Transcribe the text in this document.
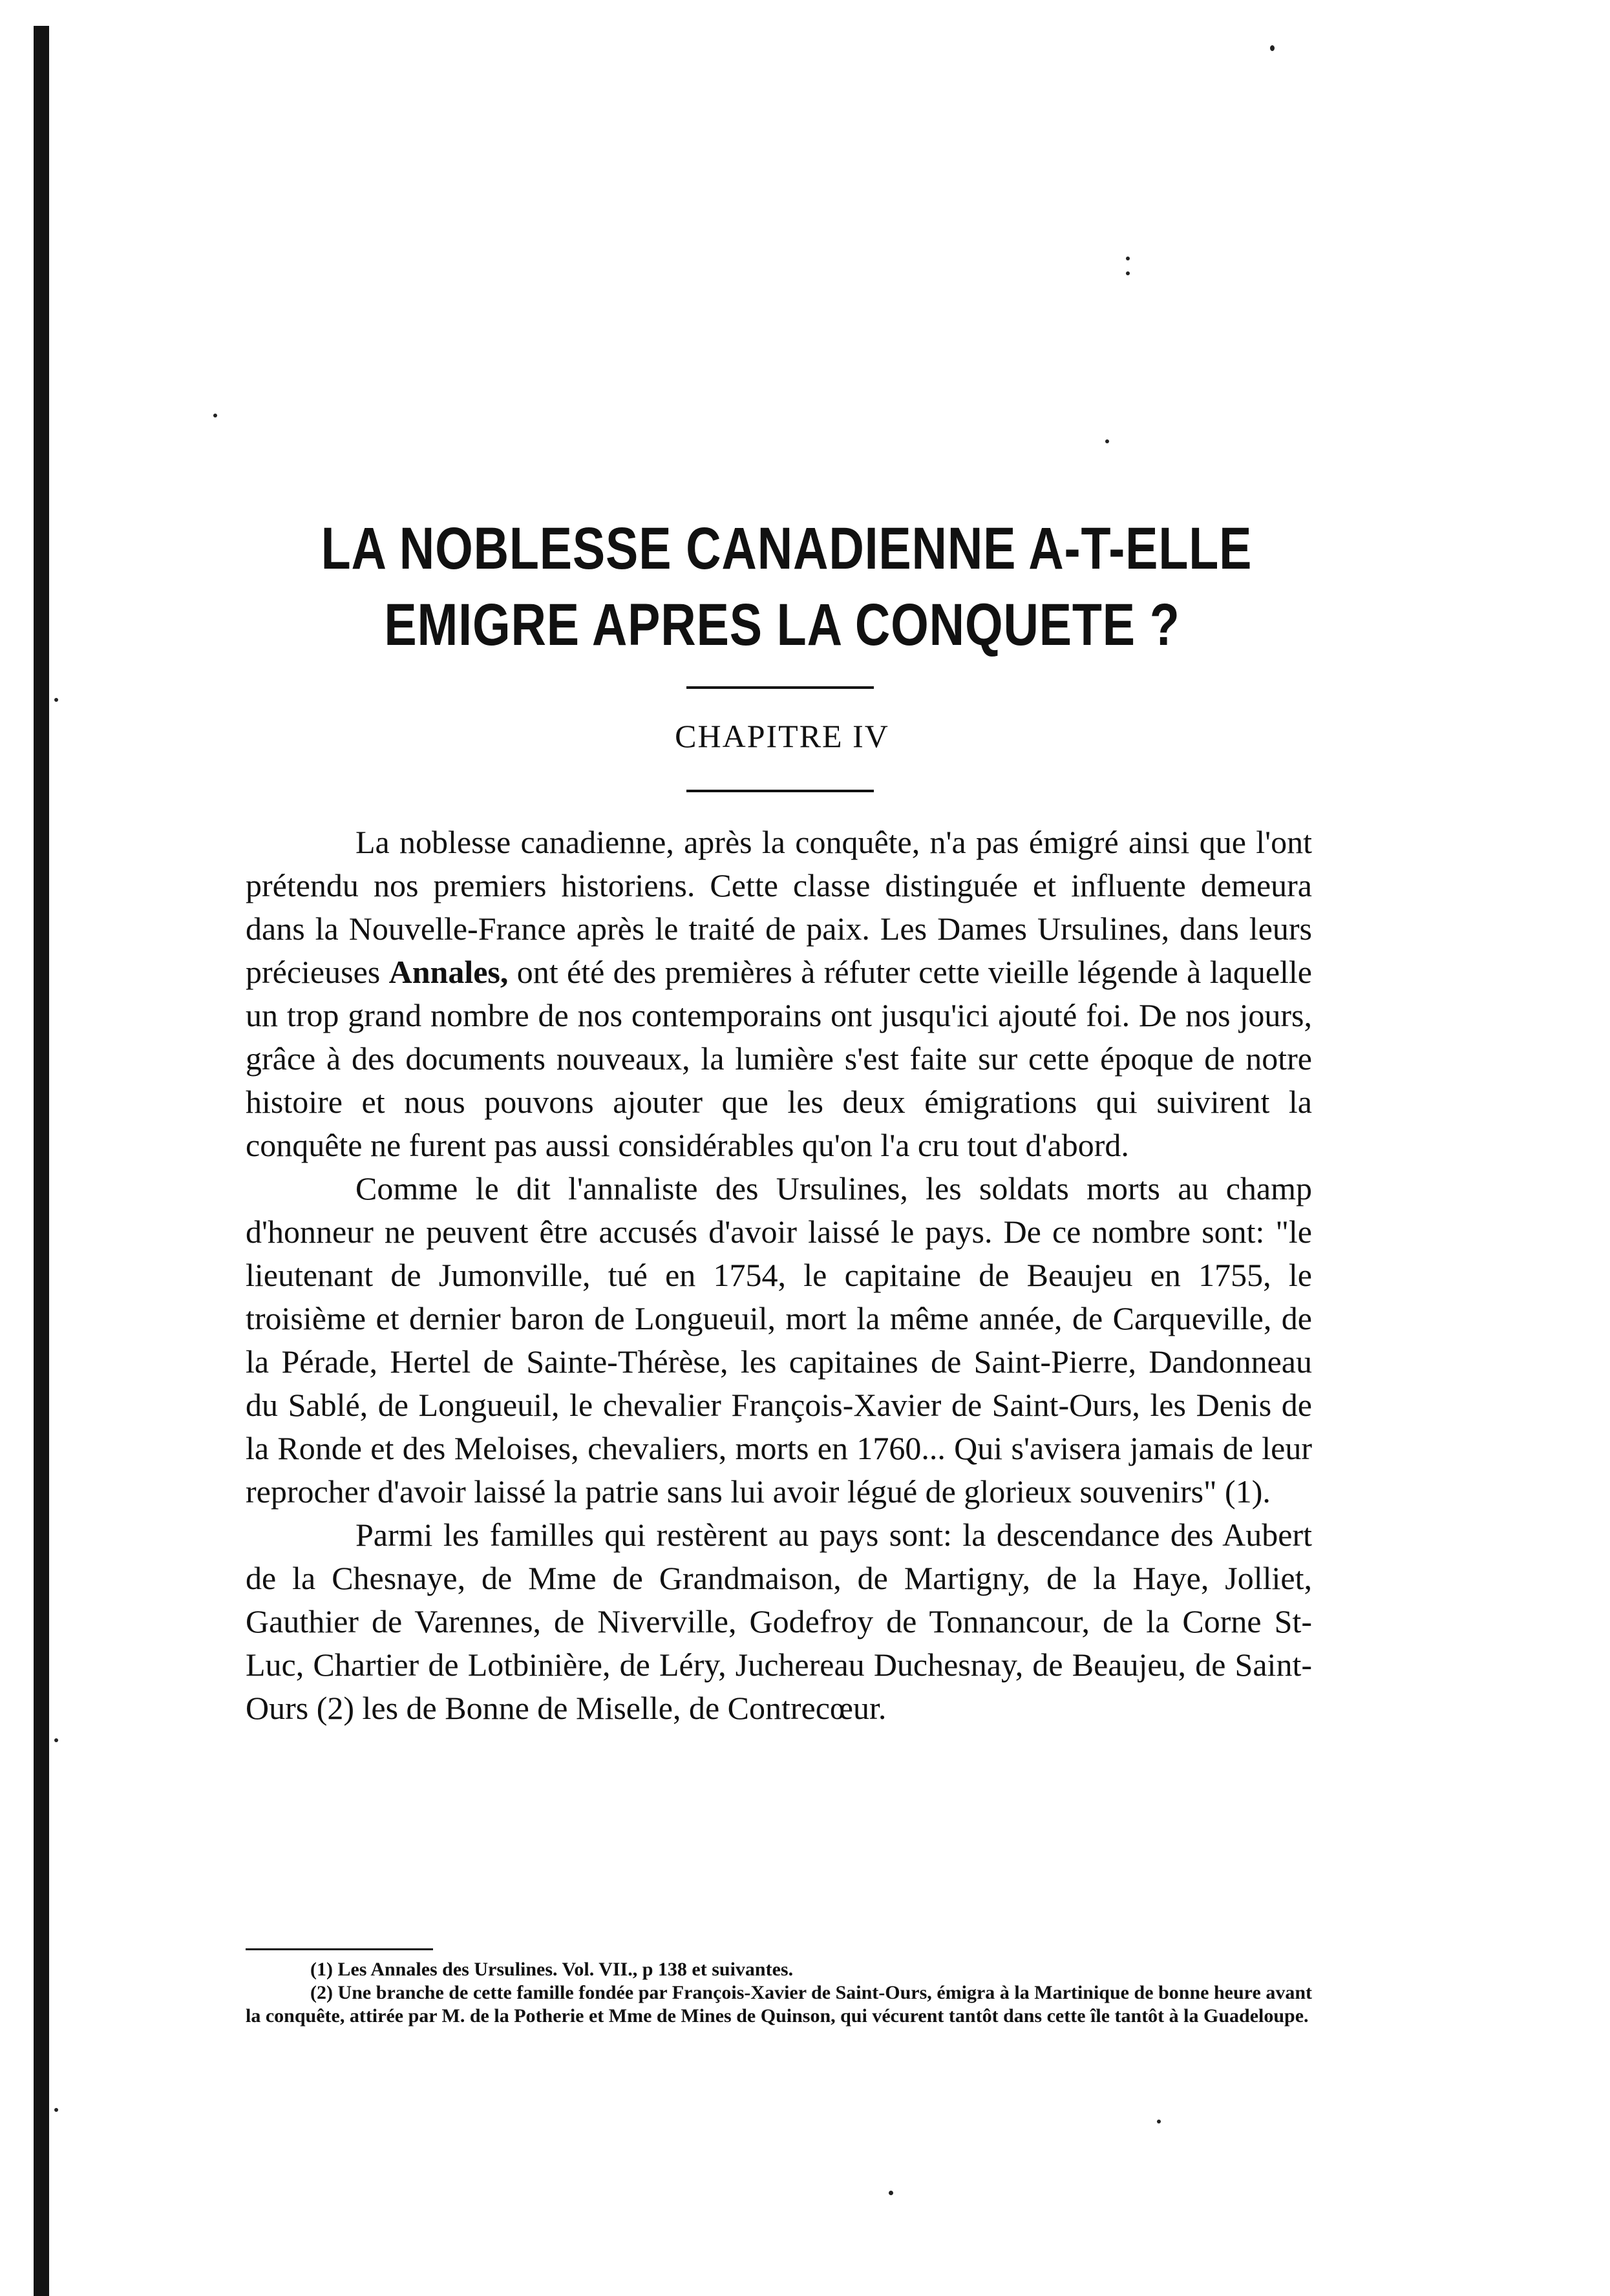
LA NOBLESSE CANADIENNE A-T-ELLE
EMIGRE APRES LA CONQUETE ?
CHAPITRE IV

La noblesse canadienne, après la conquête, n'a pas émigré ainsi que l'ont prétendu nos premiers historiens. Cette classe distinguée et influente demeura dans la Nouvelle-France après le traité de paix. Les Dames Ursulines, dans leurs précieuses Annales, ont été des premières à réfuter cette vieille légende à laquelle un trop grand nombre de nos contemporains ont jusqu'ici ajouté foi. De nos jours, grâce à des documents nouveaux, la lumière s'est faite sur cette époque de notre histoire et nous pouvons ajouter que les deux émigrations qui suivirent la conquête ne furent pas aussi considérables qu'on l'a cru tout d'abord.

Comme le dit l'annaliste des Ursulines, les soldats morts au champ d'honneur ne peuvent être accusés d'avoir laissé le pays. De ce nombre sont: "le lieutenant de Jumonville, tué en 1754, le capitaine de Beaujeu en 1755, le troisième et dernier baron de Longueuil, mort la même année, de Carqueville, de la Pérade, Hertel de Sainte-Thérèse, les capitaines de Saint-Pierre, Dandonneau du Sablé, de Longueuil, le chevalier François-Xavier de Saint-Ours, les Denis de la Ronde et des Meloises, chevaliers, morts en 1760... Qui s'avisera jamais de leur reprocher d'avoir laissé la patrie sans lui avoir légué de glorieux souvenirs" (1).

Parmi les familles qui restèrent au pays sont: la descendance des Aubert de la Chesnaye, de Mme de Grandmaison, de Martigny, de la Haye, Jolliet, Gauthier de Varennes, de Niverville, Godefroy de Tonnancour, de la Corne St-Luc, Chartier de Lotbinière, de Léry, Juchereau Duchesnay, de Beaujeu, de Saint-Ours (2) les de Bonne de Miselle, de Contrecœur.

(1) Les Annales des Ursulines. Vol. VII., p 138 et suivantes.

(2) Une branche de cette famille fondée par François-Xavier de Saint-Ours, émigra à la Martinique de bonne heure avant la conquête, attirée par M. de la Potherie et Mme de Mines de Quinson, qui vécurent tantôt dans cette île tantôt à la Guadeloupe.
